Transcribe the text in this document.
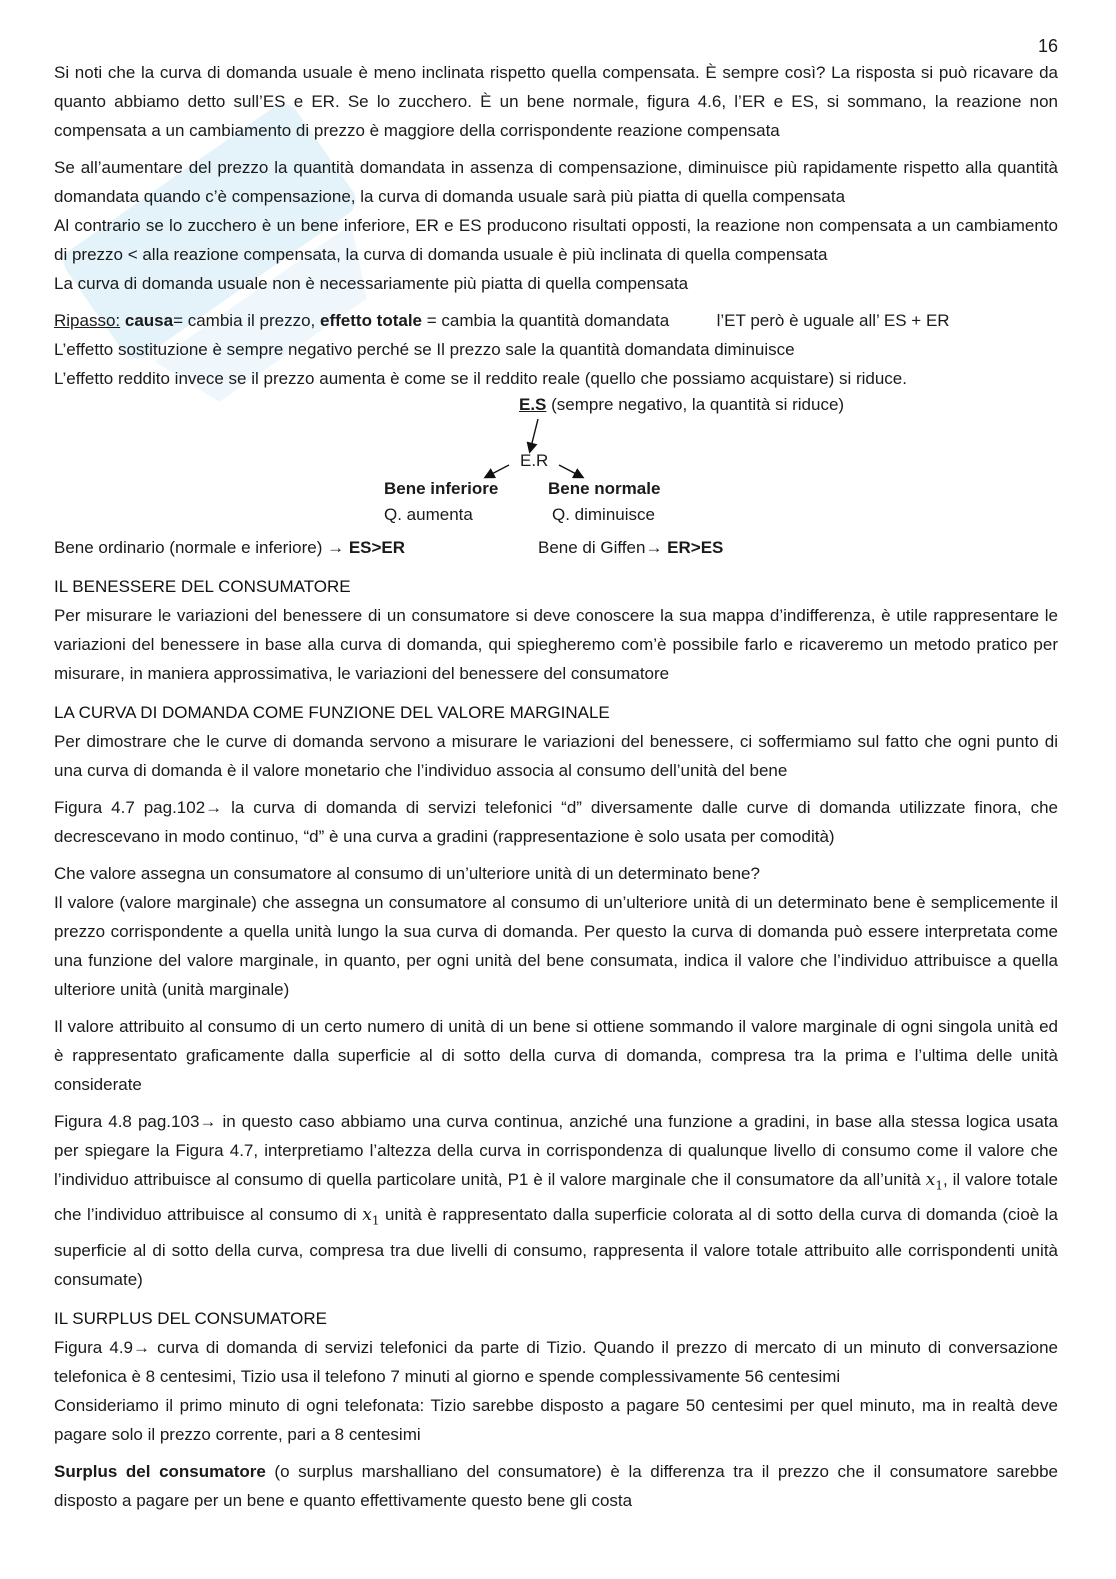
16

Si noti che la curva di domanda usuale è meno inclinata rispetto quella compensata. È sempre così? La risposta si può ricavare da quanto abbiamo detto sull’ES e ER. Se lo zucchero. È un bene normale, figura 4.6, l’ER e ES, si sommano, la reazione non compensata a un cambiamento di prezzo è maggiore della corrispondente reazione compensata

Se all’aumentare del prezzo la quantità domandata in assenza di compensazione, diminuisce più rapidamente rispetto alla quantità domandata quando c’è compensazione, la curva di domanda usuale sarà più piatta di quella compensata

Al contrario se lo zucchero è un bene inferiore, ER e ES producono risultati opposti, la reazione non compensata a un cambiamento di prezzo < alla reazione compensata, la curva di domanda usuale è più inclinata di quella compensata

La curva di domanda usuale non è necessariamente più piatta di quella compensata

Ripasso: causa= cambia il prezzo, effetto totale = cambia la quantità domandata	l’ET però è uguale all’ ES + ER

L’effetto sostituzione è sempre negativo perché se Il prezzo sale la quantità domandata diminuisce

L’effetto reddito invece se il prezzo aumenta è come se il reddito reale (quello che possiamo acquistare) si riduce.

E.S (sempre negativo, la quantità si riduce)
E.R
Bene inferiore	Bene normale
Q. aumenta	Q. diminuisce
Bene ordinario (normale e inferiore) → ES>ER	Bene di Giffen→ ER>ES
IL BENESSERE DEL CONSUMATORE

Per misurare le variazioni del benessere di un consumatore si deve conoscere la sua mappa d’indifferenza, è utile rappresentare le variazioni del benessere in base alla curva di domanda, qui spiegheremo com’è possibile farlo e ricaveremo un metodo pratico per misurare, in maniera approssimativa, le variazioni del benessere del consumatore

LA CURVA DI DOMANDA COME FUNZIONE DEL VALORE MARGINALE

Per dimostrare che le curve di domanda servono a misurare le variazioni del benessere, ci soffermiamo sul fatto che ogni punto di una curva di domanda è il valore monetario che l’individuo associa al consumo dell’unità del bene

Figura 4.7 pag.102→ la curva di domanda di servizi telefonici “d” diversamente dalle curve di domanda utilizzate finora, che decrescevano in modo continuo, “d” è una curva a gradini (rappresentazione è solo usata per comodità)

Che valore assegna un consumatore al consumo di un’ulteriore unità di un determinato bene?

Il valore (valore marginale) che assegna un consumatore al consumo di un’ulteriore unità di un determinato bene è semplicemente il prezzo corrispondente a quella unità lungo la sua curva di domanda. Per questo la curva di domanda può essere interpretata come una funzione del valore marginale, in quanto, per ogni unità del bene consumata, indica il valore che l’individuo attribuisce a quella ulteriore unità (unità marginale)

Il valore attribuito al consumo di un certo numero di unità di un bene si ottiene sommando il valore marginale di ogni singola unità ed è rappresentato graficamente dalla superficie al di sotto della curva di domanda, compresa tra la prima e l’ultima delle unità considerate

Figura 4.8 pag.103→ in questo caso abbiamo una curva continua, anziché una funzione a gradini, in base alla stessa logica usata per spiegare la Figura 4.7, interpretiamo l’altezza della curva in corrispondenza di qualunque livello di consumo come il valore che l’individuo attribuisce al consumo di quella particolare unità, P1 è il valore marginale che il consumatore da all’unità $x_1$, il valore totale che l’individuo attribuisce al consumo di $x_1$ unità è rappresentato dalla superficie colorata al di sotto della curva di domanda (cioè la superficie al di sotto della curva, compresa tra due livelli di consumo, rappresenta il valore totale attribuito alle corrispondenti unità consumate)

IL SURPLUS DEL CONSUMATORE

Figura 4.9→ curva di domanda di servizi telefonici da parte di Tizio. Quando il prezzo di mercato di un minuto di conversazione telefonica è 8 centesimi, Tizio usa il telefono 7 minuti al giorno e spende complessivamente 56 centesimi

Consideriamo il primo minuto di ogni telefonata: Tizio sarebbe disposto a pagare 50 centesimi per quel minuto, ma in realtà deve pagare solo il prezzo corrente, pari a 8 centesimi

Surplus del consumatore (o surplus marshalliano del consumatore) è la differenza tra il prezzo che il consumatore sarebbe disposto a pagare per un bene e quanto effettivamente questo bene gli costa
